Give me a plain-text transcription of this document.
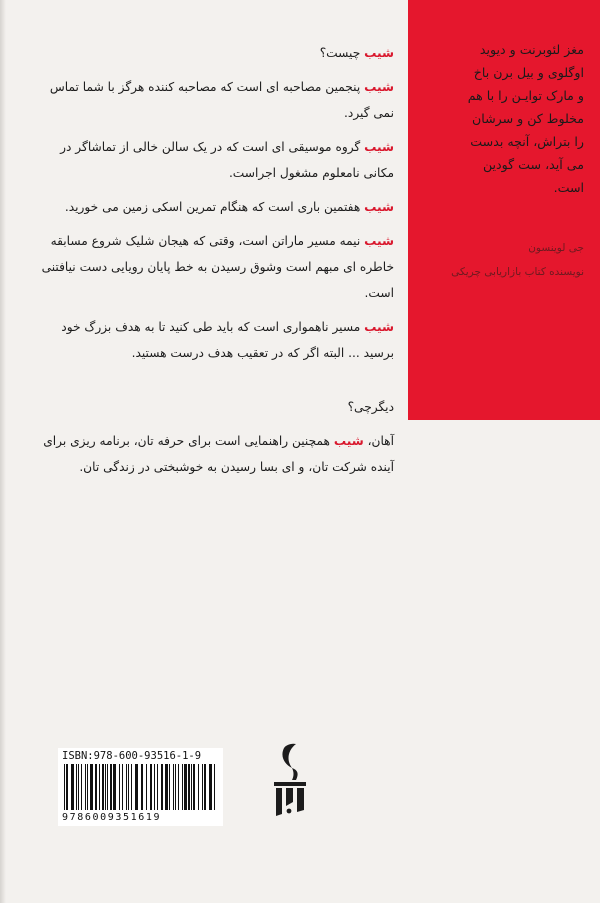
مغز لئوبرنت و دیوید
اوگلوی و بیل برن باخ
و مارک توایـن را با هم
مخلوط کن و سرشان
را بتراش، آنچه بدست
می آید، ست گودین
است.
جی لوینسون
نویسنده کتاب بازاریابی چریکی

شیب چیست؟

شیب پنجمین مصاحبه ای است که مصاحبه کننده هرگز با شما تماس نمی گیرد.

شیب گروه موسیقی ای است که در یک سالن خالی از تماشاگر در مکانی نامعلوم مشغول اجراست.

شیب هفتمین باری است که هنگام تمرین اسکی زمین می خورید.

شیب نیمه مسیر ماراتن است، وقتی که هیجان شلیک شروع مسابقه خاطره ای مبهم است وشوق رسیدن به خط پایان رویایی دست نیافتنی است.

شیب مسیر ناهمواری است که باید طی کنید تا به هدف بزرگ خود برسید ... البته اگر که در تعقیب هدف درست هستید.

دیگرچی؟

آهان، شیب همچنین راهنمایی است برای حرفه تان، برنامه ریزی برای آینده شرکت تان، و ای بسا رسیدن به خوشبختی در زندگی تان.

ISBN:978-600-93516-1-9
9786009351619
